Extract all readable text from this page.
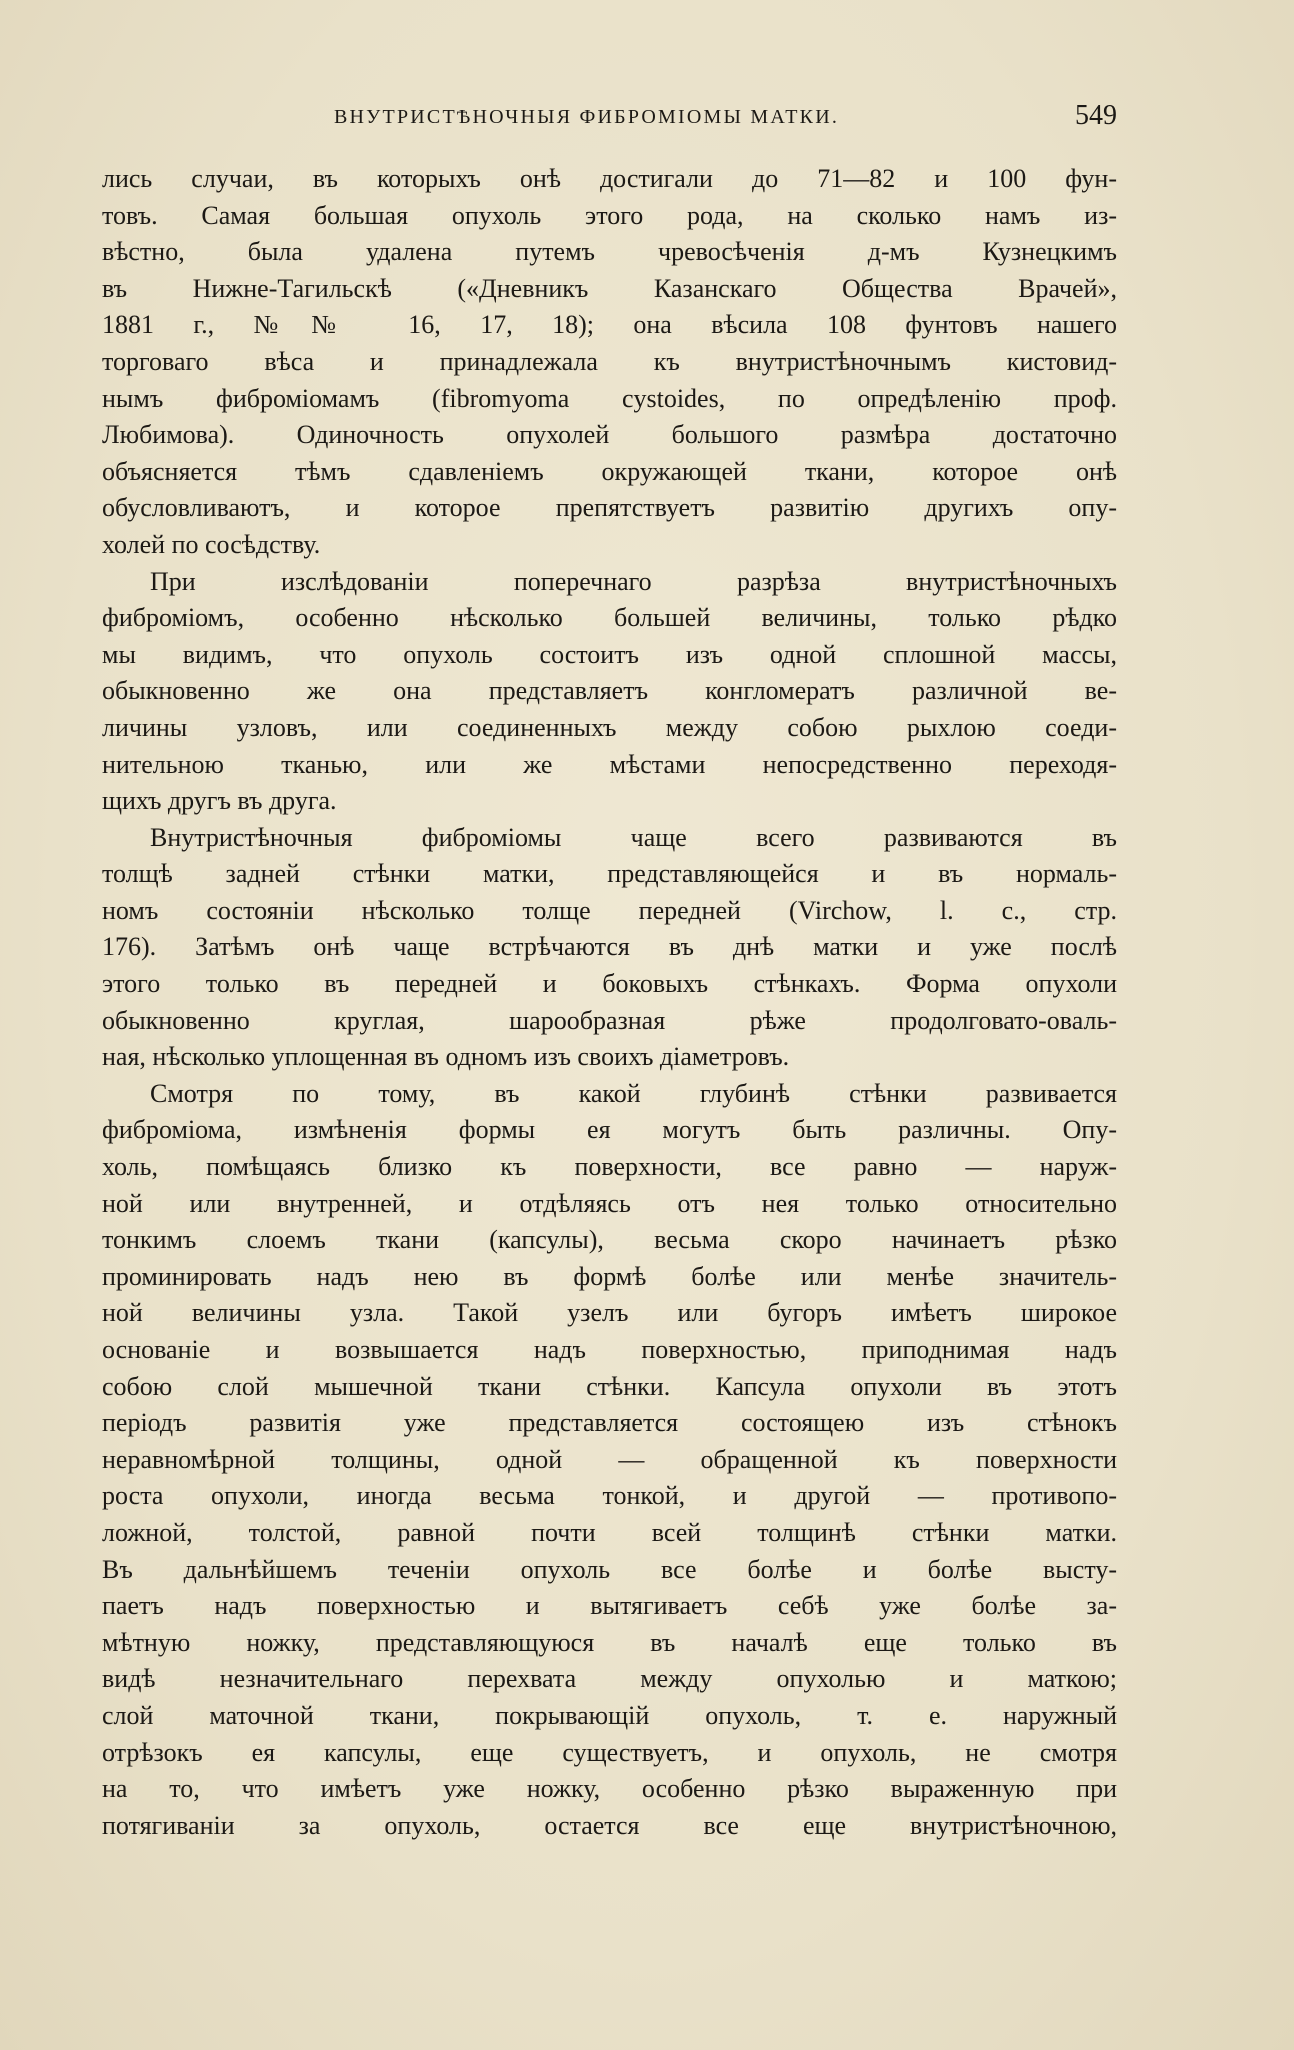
ВНУТРИСТѢНОЧНЫЯ ФИБРОМІОМЫ МАТКИ.	549
лись случаи, въ которыхъ онѣ достигали до 71—82 и 100 фун-
товъ. Самая большая опухоль этого рода, на сколько намъ из-
вѣстно, была удалена путемъ чревосѣченія д-мъ Кузнецкимъ
въ Нижне-Тагильскѣ («Дневникъ Казанскаго Общества Врачей»,
1881 г., №№ 16, 17, 18); она вѣсила 108 фунтовъ нашего
торговаго вѣса и принадлежала къ внутристѣночнымъ кистовид-
нымъ фиброміомамъ (fibromyoma cystoides, по опредѣленію проф.
Любимова). Одиночность опухолей большого размѣра достаточно
объясняется тѣмъ сдавленіемъ окружающей ткани, которое онѣ
обусловливаютъ, и которое препятствуетъ развитію другихъ опу-
холей по сосѣдству.
При изслѣдованіи поперечнаго разрѣза внутристѣночныхъ
фиброміомъ, особенно нѣсколько большей величины, только рѣдко
мы видимъ, что опухоль состоитъ изъ одной сплошной массы,
обыкновенно же она представляетъ конгломератъ различной ве-
личины узловъ, или соединенныхъ между собою рыхлою соеди-
нительною тканью, или же мѣстами непосредственно переходя-
щихъ другъ въ друга.
Внутристѣночныя фиброміомы чаще всего развиваются въ
толщѣ задней стѣнки матки, представляющейся и въ нормаль-
номъ состояніи нѣсколько толще передней (Virchow, l. c., стр.
176). Затѣмъ онѣ чаще встрѣчаются въ днѣ матки и уже послѣ
этого только въ передней и боковыхъ стѣнкахъ. Форма опухоли
обыкновенно круглая, шарообразная рѣже продолговато-оваль-
ная, нѣсколько уплощенная въ одномъ изъ своихъ діаметровъ.
Смотря по тому, въ какой глубинѣ стѣнки развивается
фиброміома, измѣненія формы ея могутъ быть различны. Опу-
холь, помѣщаясь близко къ поверхности, все равно — наруж-
ной или внутренней, и отдѣляясь отъ нея только относительно
тонкимъ слоемъ ткани (капсулы), весьма скоро начинаетъ рѣзко
проминировать надъ нею въ формѣ болѣе или менѣе значитель-
ной величины узла. Такой узелъ или бугоръ имѣетъ широкое
основаніе и возвышается надъ поверхностью, приподнимая надъ
собою слой мышечной ткани стѣнки. Капсула опухоли въ этотъ
періодъ развитія уже представляется состоящею изъ стѣнокъ
неравномѣрной толщины, одной — обращенной къ поверхности
роста опухоли, иногда весьма тонкой, и другой — противопо-
ложной, толстой, равной почти всей толщинѣ стѣнки матки.
Въ дальнѣйшемъ теченіи опухоль все болѣе и болѣе высту-
паетъ надъ поверхностью и вытягиваетъ себѣ уже болѣе за-
мѣтную ножку, представляющуюся въ началѣ еще только въ
видѣ незначительнаго перехвата между опухолью и маткою;
слой маточной ткани, покрывающій опухоль, т. е. наружный
отрѣзокъ ея капсулы, еще существуетъ, и опухоль, не смотря
на то, что имѣетъ уже ножку, особенно рѣзко выраженную при
потягиваніи за опухоль, остается все еще внутристѣночною,
